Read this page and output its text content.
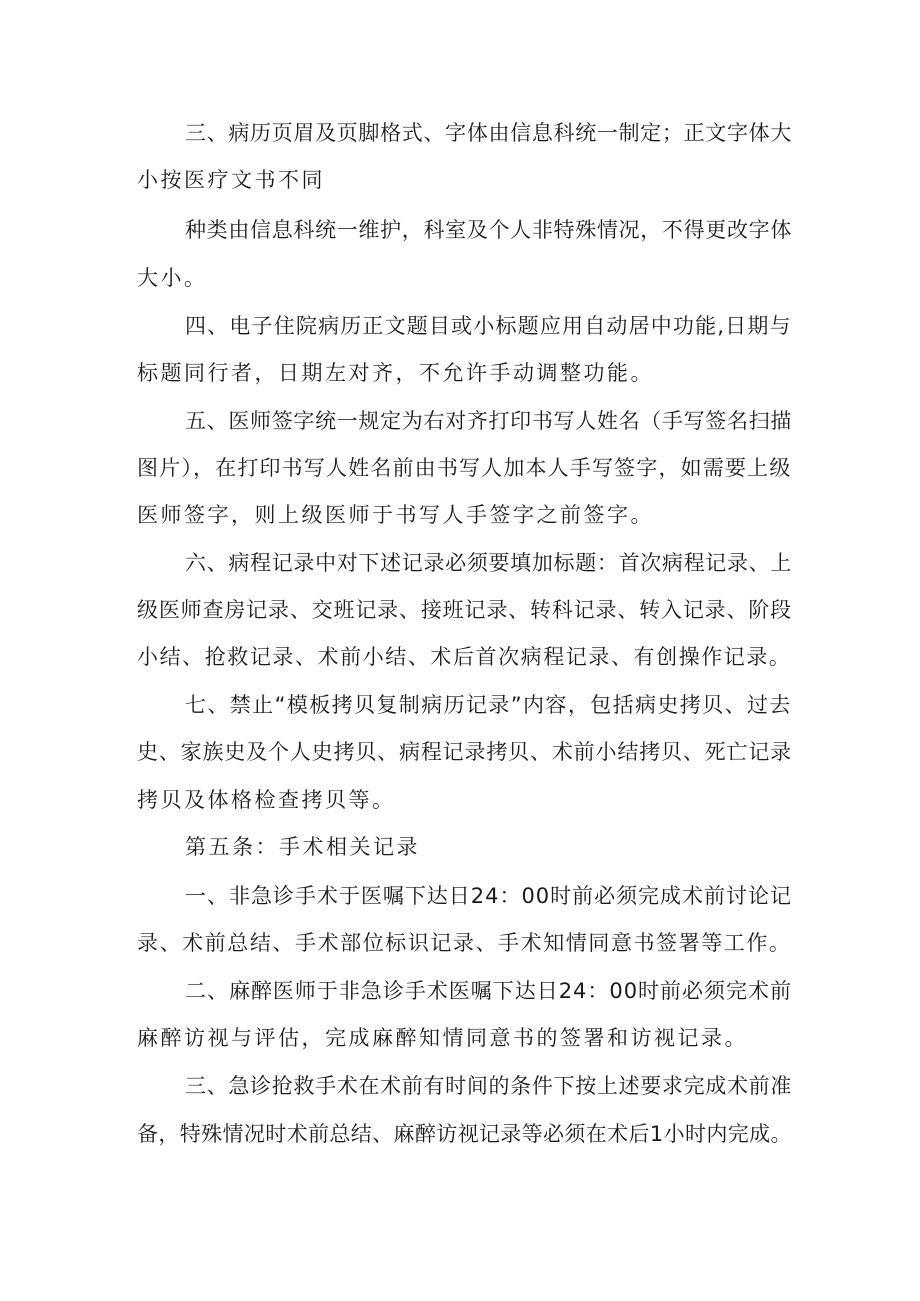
三、病历页眉及页脚格式、字体由信息科统一制定；正文字体大
小按医疗文书不同
种类由信息科统一维护，科室及个人非特殊情况，不得更改字体
大小。
四、电子住院病历正文题目或小标题应用自动居中功能,日期与
标题同行者，日期左对齐，不允许手动调整功能。
五、医师签字统一规定为右对齐打印书写人姓名（手写签名扫描
图片），在打印书写人姓名前由书写人加本人手写签字，如需要上级
医师签字，则上级医师于书写人手签字之前签字。
六、病程记录中对下述记录必须要填加标题：首次病程记录、上
级医师查房记录、交班记录、接班记录、转科记录、转入记录、阶段
小结、抢救记录、术前小结、术后首次病程记录、有创操作记录。
七、禁止“模板拷贝复制病历记录”内容，包括病史拷贝、过去
史、家族史及个人史拷贝、病程记录拷贝、术前小结拷贝、死亡记录
拷贝及体格检查拷贝等。
第五条：手术相关记录
一、非急诊手术于医嘱下达日24：00时前必须完成术前讨论记
录、术前总结、手术部位标识记录、手术知情同意书签署等工作。
二、麻醉医师于非急诊手术医嘱下达日24：00时前必须完术前
麻醉访视与评估，完成麻醉知情同意书的签署和访视记录。
三、急诊抢救手术在术前有时间的条件下按上述要求完成术前准
备，特殊情况时术前总结、麻醉访视记录等必须在术后1小时内完成。
